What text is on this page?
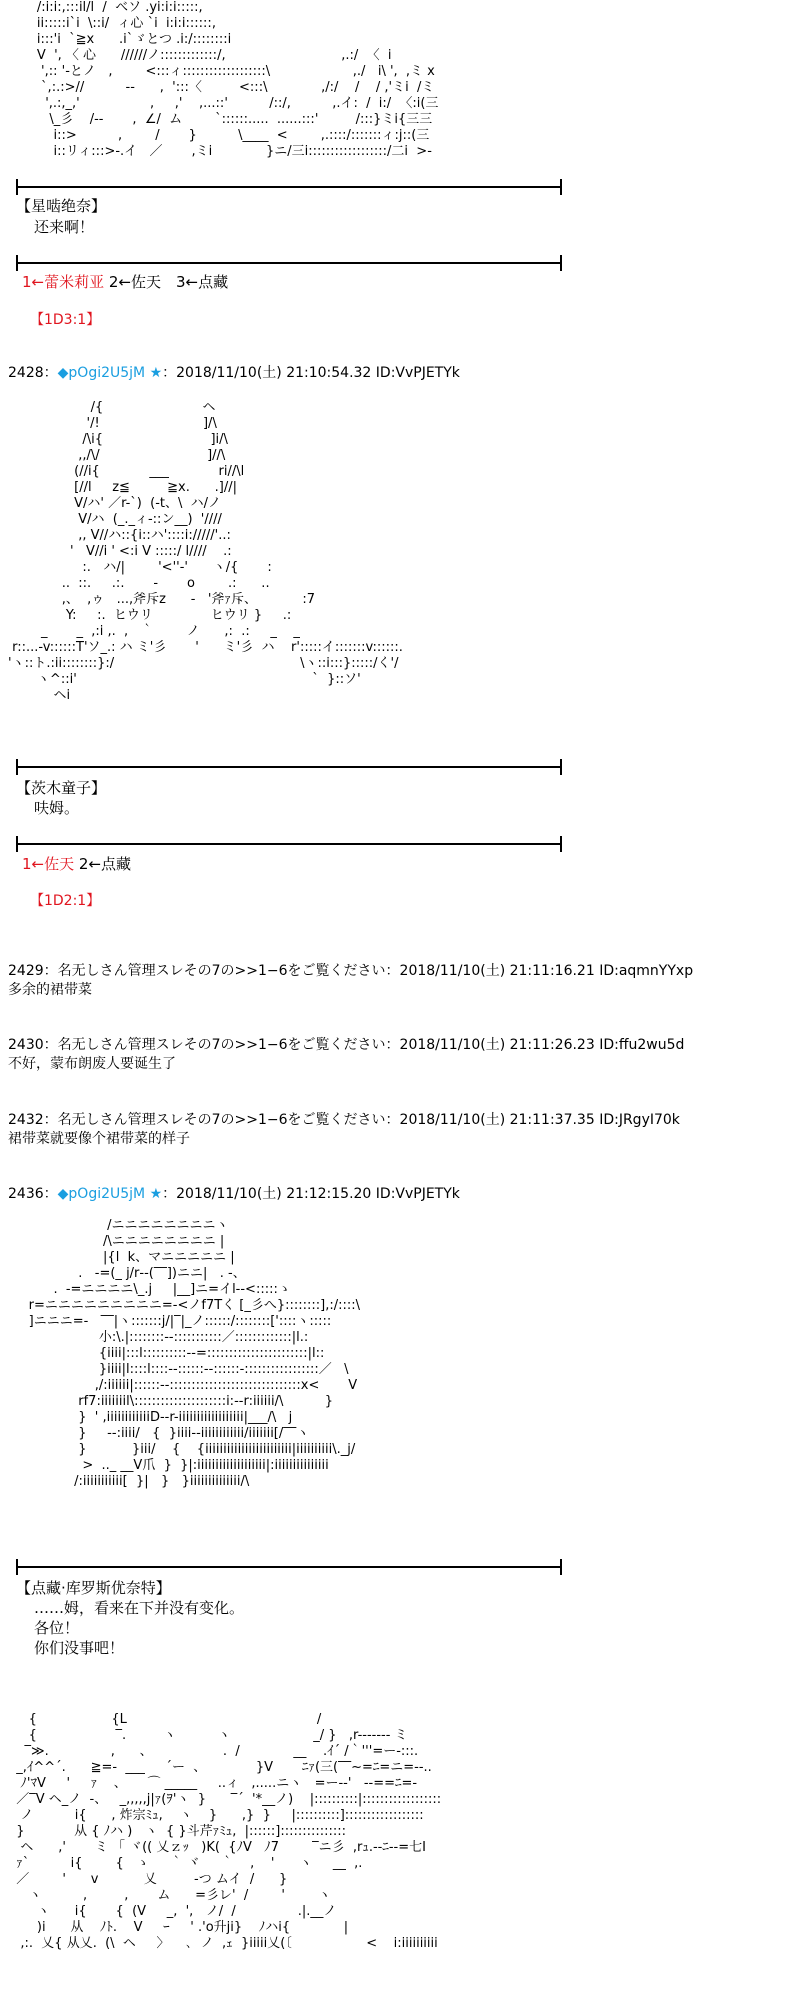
/:i:i:,:::il/l  /  ベソ .yi:i:i:::::,
ii:::::i`i  \::i/  ィ心 `i  i:i:i::::::,
i:::'i  `≧x      .i`ゞとつ .i:/::::::::i
V  ', 〈 心      //////ノ:::::::::::::/,                            ,.:/  〈  i
',:: '‐とノ   ,        <:::ィ:::::::::::::::::::\                    ,./   i\ ',  ,ミ x
`,:.:>//          --      ,  ':::〈         <:::\             ,/:/    /    / ,'ミi  /ミ
',.:,_,'                 ,     ,'    ,...::'          /::/,          ,.イ:  /  i:/  〈:i(三
\_彡    /‐‐       ,  ∠/  ム        `::::::.....  ......:::'         /:::}ミi{三三
i::>          ,        /       }          \____  <        ,.::::/:::::::ィ:j::(三
i::リィ:::>-.イ   ／       ,ミi             }ニ/三i::::::::::::::::::/二i  >-
【星啮绝奈】
还来啊！
1←蕾米莉亚 2←佐天　3←点藏
【1D3:1】
2428：◆pOgi2U5jM ★：2018/11/10(土) 21:10:54.32 ID:VvPJETYk
/{                        ヘ
'/!                         ]/\
/\i{                          ]i/\
,,/\/                          ]//\
(//i{            ___            ri//\l
[//l     z≦         ≧x.      .]//|
V/ハ' ／r-`)  (-t、\  ハ/ノ
V/ハ  (_._ィ-::ン__)  '////
,, V//ハ::{i::ハ'::::i://///'..:
'   V//i ' <:i V :::::/ l////    .:
:.   ハ/|        '<''-'      ヽ/{       :
..  ::.     .:.       -       o        .:      ..
,、  ,ゥ   ...,斧斥z      -   '斧ｧ斥、           :7
Y:     :.  ヒウリ              ヒウリ }     .:
_       _  ,:i ,.  ,   ｀        ノ      ,:  .:     _    _
r::...-v::::::T'ソ_.: ハ ミ'彡       '      ミ'彡  ハ    r':::::イ:::::::v::::::.
'ヽ::ト.:ii::::::::}:/                                             \ヽ::i:::}:::::/く'/
ヽ^::i'                                                         `  }::ソ'
ヘi
【茨木童子】
呋姆。
1←佐天 2←点藏
【1D2:1】
2429：名无しさん管理スレその7の>>1−6をご覧ください：2018/11/10(土) 21:11:16.21 ID:aqmnYYxp
多余的裙带菜
2430：名无しさん管理スレその7の>>1−6をご覧ください：2018/11/10(土) 21:11:26.23 ID:ffu2wu5d
不好，蒙布朗废人要诞生了
2432：名无しさん管理スレその7の>>1−6をご覧ください：2018/11/10(土) 21:11:37.35 ID:JRgyI70k
裙带菜就要像个裙带菜的样子
2436：◆pOgi2U5jM ★：2018/11/10(土) 21:12:15.20 ID:VvPJETYk
/ニニニニニニニニヽ
/\ニニニニニニニニ |
|{l  k、マニニニニニ |
.   -=(_ j/r‐‐(‾‾])ニニ|   . -、
.  -=ニニニニ\_.j     |__]ニ=イl--<:::::ゝ
r=ニニニニニニニニニ=-<ノf7Tく [_彡へ}::::::::],:/::::\
]ニニニ=-   ‾‾|ヽ:::::::j/|‾|_ノ::::::/::::::::['::::ヽ:::::
小:\.|::::::::‐-:::::::::::／:::::::::::::|l.:
{iiii|:::l::::::::::--=:::::::::::::::::::::::|l::
}iiii|l::::l::::‐‐::::::‐-::::::-:::::::::::::::::／   \
,/:iiiiii|::::::‐‐::::::::::::::::::::::::::::::x<       V
rf7:iiiiiiil\:::::::::::::::::::::i:--r:iiiiii/\          }
}  ' ,iiiiiiiiiiiiD-‐r-iiiiiiiiiiiiiiiiii|___/\   j
}     --:iiii/   {  }iiii--iiiiiiiiiiii/iiiiiii[/‾‾ヽ
}           }iii/    {    {iiiiiiiiiiiiiiiiiiiiiiii|iiiiiiiiii\._j/
>  .._ __V爪  }  }|:iiiiiiiiiiiiiiiiiii|:iiiiiiiiiiiiiii
/:iiiiiiiiiii[  }|   }   }iiiiiiiiiiiiii/\
【点藏·库罗斯优奈特】
……姆，看来在下并没有变化。
各位！
你们没事吧！
{                  {L                                              /
{                   ‾.         ヽ          ヽ                    _/ }   ,r------- ミ
‾≫.               ,      、                 .  /             __    .ｲ´ /｀'''=ー-:::.
_,ｲ^^´.      ≧=-  ___     ´ー  、            }V       ﾆｧ(三(‾‾~=ﾆ=ニ=--..
ﾉ'ﾏV     '     ｧ    、     ⌒ _____     ..ィ   ,.....ニヽ   =ー‐‐'   ‐-==ﾆ=-
／‾V ヘ_ノ  ‐、   _,,,,,j|ｧ(ｦ'ヽ  }      ‾´  '*__ノ)    |::::::::::|::::::::::::::::::
ノ          i{      , 炸宗ﾐｭ,    ヽ    }      ,}  }     |::::::::::]::::::::::::::::::
}            从 { ﾉハ )   ヽ  { }斗芹ｧﾐｭ,  |::::::]:::::::::::::::
ヘ      ,'       ミ 「 ヾ(( 乂ｚｯ   )K(  {ﾉV   ﾉ7        ‾ニ彡  ,rｭ.--ﾆ--=七I
ｧ`          i{        {   ゝ     ｀ ヾ     ｀    ,    '      ヽ     __  ,.
／        '      v           乂         -つ ムイ  /      }
ヽ          ,         ,       ム      =彡レ'  /        '        ヽ
ヽ      i{       {  (V     _,  ',   ノ/  /               .|.__ノ
)i      从    ﾉﾄ.    V     ｰ     ' .'o升ji}    ﾉハi{             |
,:.  乂{ 从乂.  (\  ヘ     〉    ､  ノ  ,ｪ  }iiiii乂(〔                  <    i:iiiiiiiiii
